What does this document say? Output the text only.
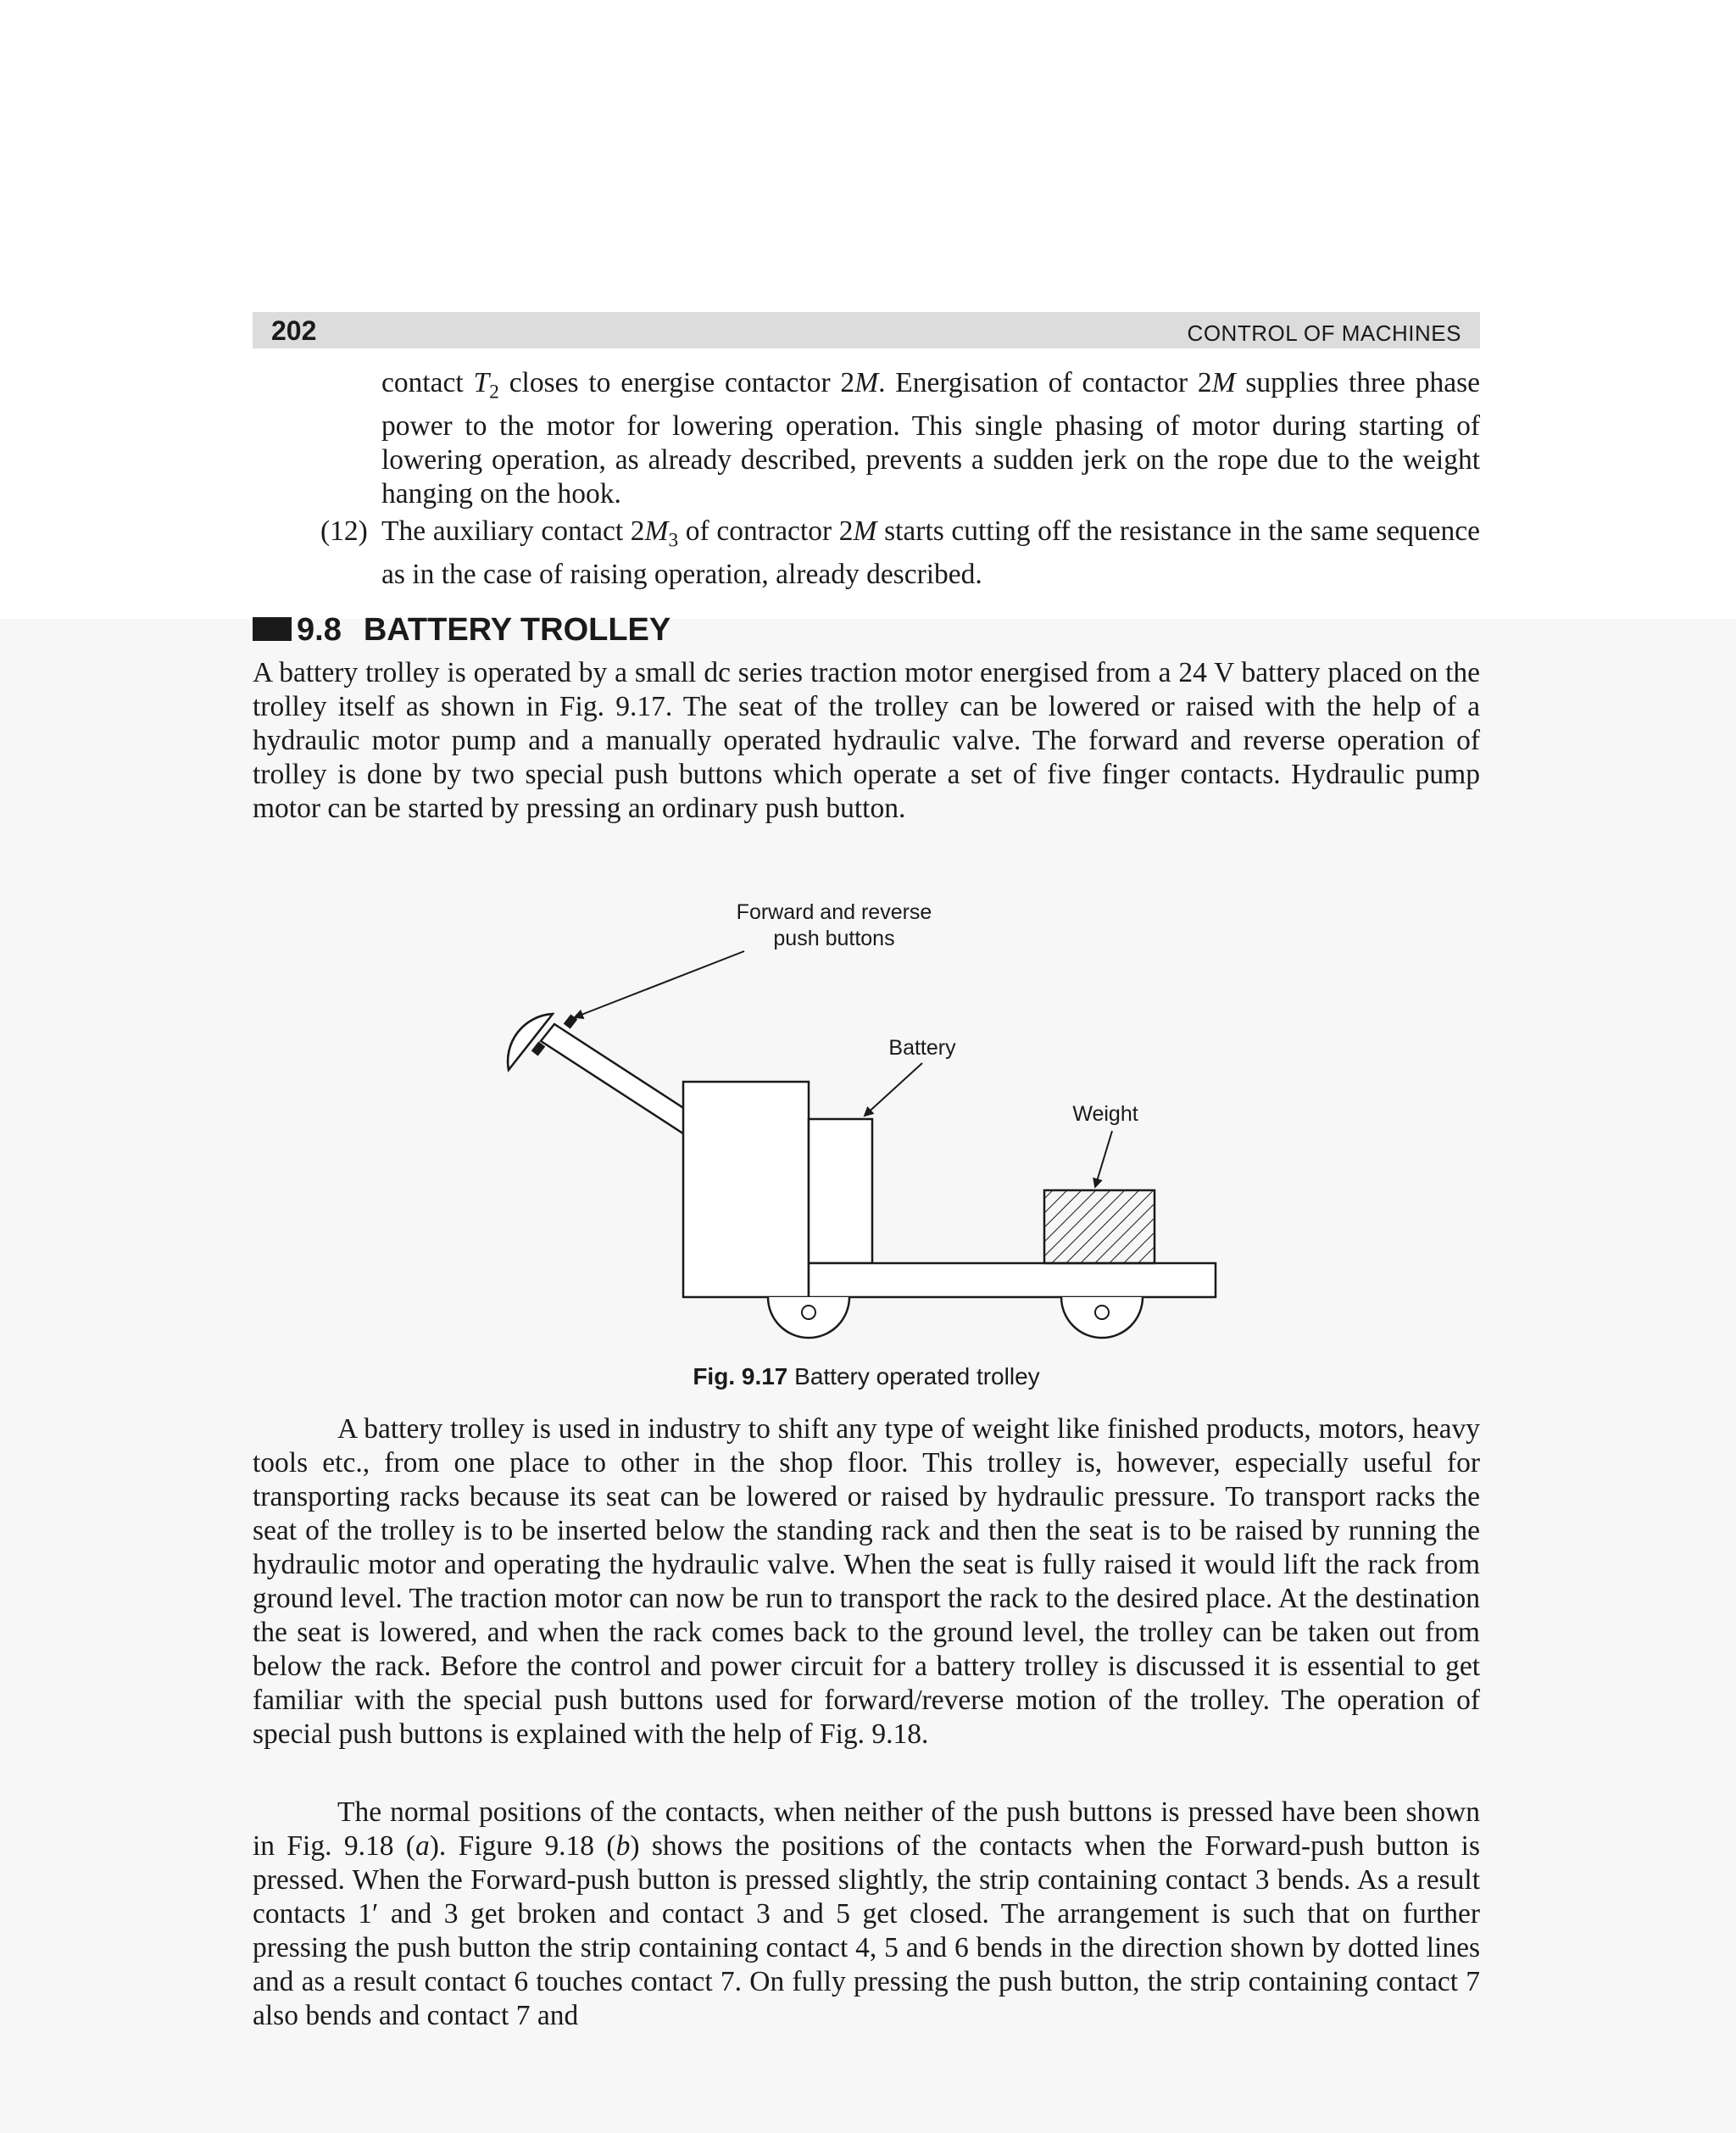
202	CONTROL OF MACHINES
contact $T_2$ closes to energise contactor 2M. Energisation of contactor 2M supplies three phase power to the motor for lowering operation. This single phasing of motor during starting of lowering operation, as already described, prevents a sudden jerk on the rope due to the weight hanging on the hook.
(12) The auxiliary contact $2M_3$ of contractor 2M starts cutting off the resistance in the same sequence as in the case of raising operation, already described.
9.8 BATTERY TROLLEY
A battery trolley is operated by a small dc series traction motor energised from a 24 V battery placed on the trolley itself as shown in Fig. 9.17. The seat of the trolley can be lowered or raised with the help of a hydraulic motor pump and a manually operated hydraulic valve. The forward and reverse operation of trolley is done by two special push buttons which operate a set of five finger contacts. Hydraulic pump motor can be started by pressing an ordinary push button.
Forward and reverse
push buttons
Battery
Weight
Fig. 9.17 Battery operated trolley
A battery trolley is used in industry to shift any type of weight like finished products, motors, heavy tools etc., from one place to other in the shop floor. This trolley is, however, especially useful for transporting racks because its seat can be lowered or raised by hydraulic pressure. To transport racks the seat of the trolley is to be inserted below the standing rack and then the seat is to be raised by running the hydraulic motor and operating the hydraulic valve. When the seat is fully raised it would lift the rack from ground level. The traction motor can now be run to transport the rack to the desired place. At the destination the seat is lowered, and when the rack comes back to the ground level, the trolley can be taken out from below the rack. Before the control and power circuit for a battery trolley is discussed it is essential to get familiar with the special push buttons used for forward/reverse motion of the trolley. The operation of special push buttons is explained with the help of Fig. 9.18.
The normal positions of the contacts, when neither of the push buttons is pressed have been shown in Fig. 9.18 (a). Figure 9.18 (b) shows the positions of the contacts when the Forward-push button is pressed. When the Forward-push button is pressed slightly, the strip containing contact 3 bends. As a result contacts 1′ and 3 get broken and contact 3 and 5 get closed. The arrangement is such that on further pressing the push button the strip containing contact 4, 5 and 6 bends in the direction shown by dotted lines and as a result contact 6 touches contact 7. On fully pressing the push button, the strip containing contact 7 also bends and contact 7 and
